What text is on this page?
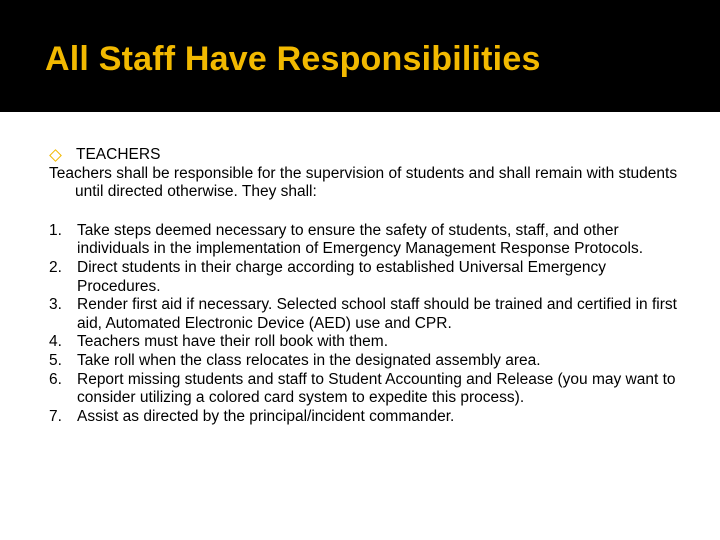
All Staff Have Responsibilities
TEACHERS

Teachers shall be responsible for the supervision of students and shall remain with students until directed otherwise. They shall:

1. Take steps deemed necessary to ensure the safety of students, staff, and other individuals in the implementation of Emergency Management Response Protocols.
2. Direct students in their charge according to established Universal Emergency Procedures.
3. Render first aid if necessary. Selected school staff should be trained and certified in first aid, Automated Electronic Device (AED) use and CPR.
4. Teachers must have their roll book with them.
5. Take roll when the class relocates in the designated assembly area.
6. Report missing students and staff to Student Accounting and Release (you may want to consider utilizing a colored card system to expedite this process).
7. Assist as directed by the principal/incident commander.
